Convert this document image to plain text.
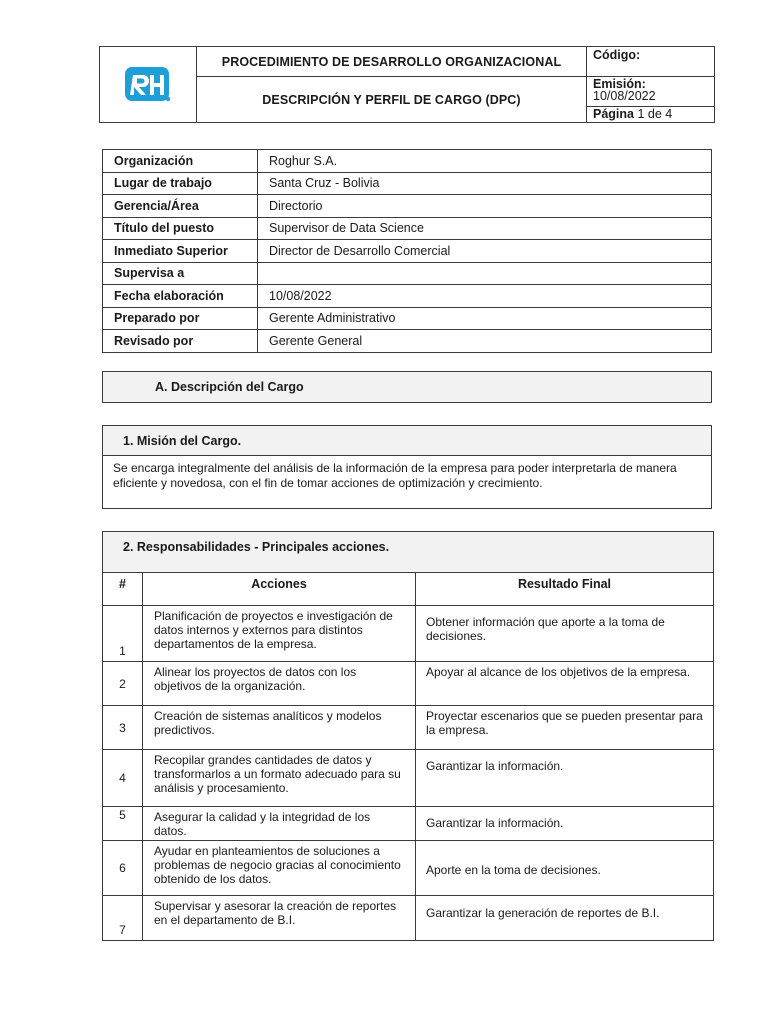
	PROCEDIMIENTO DE DESARROLLO ORGANIZACIONAL	Código:
	DESCRIPCIÓN Y PERFIL DE CARGO (DPC)	Emisión:
10/08/2022
		Página 1 de 4
Organización	Roghur S.A.
Lugar de trabajo	Santa Cruz - Bolivia
Gerencia/Área	Directorio
Título del puesto	Supervisor de Data Science
Inmediato Superior	Director de Desarrollo Comercial
Supervisa a	
Fecha elaboración	10/08/2022
Preparado por	Gerente Administrativo
Revisado por	Gerente General
A. Descripción del Cargo
1. Misión del Cargo.
Se encarga integralmente del análisis de la información de la empresa para poder interpretarla de manera eficiente y novedosa, con el fin de tomar acciones de optimización y crecimiento.
2. Responsabilidades - Principales acciones.		
#	Acciones	Resultado Final
1	Planificación de proyectos e investigación de datos internos y externos para distintos departamentos de la empresa.	Obtener información que aporte a la toma de decisiones.
2	Alinear los proyectos de datos con los objetivos de la organización.	Apoyar al alcance de los objetivos de la empresa.
3	Creación de sistemas analíticos y modelos predictivos.	Proyectar escenarios que se pueden presentar para la empresa.
4	Recopilar grandes cantidades de datos y transformarlos a un formato adecuado para su análisis y procesamiento.	Garantizar la información.
5	Asegurar la calidad y la integridad de los datos.	Garantizar la información.
6	Ayudar en planteamientos de soluciones a problemas de negocio gracias al conocimiento obtenido de los datos.	Aporte en la toma de decisiones.
7	Supervisar y asesorar la creación de reportes en el departamento de B.I.	Garantizar la generación de reportes de B.I.
